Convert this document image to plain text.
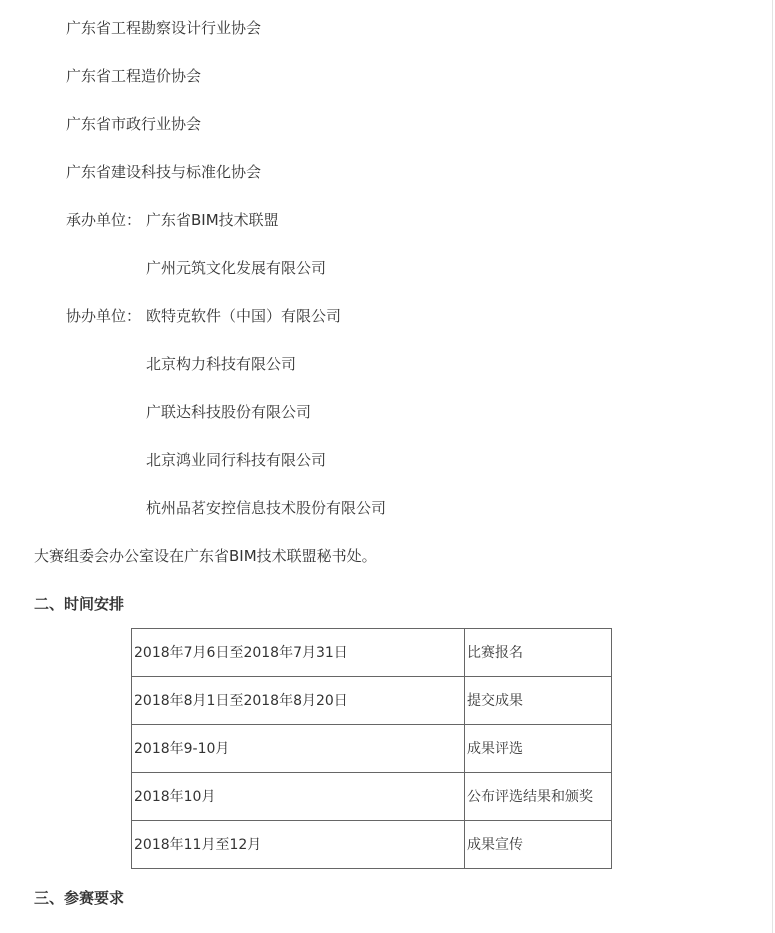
广东省工程勘察设计行业协会
广东省工程造价协会
广东省市政行业协会
广东省建设科技与标准化协会
承办单位： 广东省BIM技术联盟
广州元筑文化发展有限公司
协办单位： 欧特克软件（中国）有限公司
北京构力科技有限公司
广联达科技股份有限公司
北京鸿业同行科技有限公司
杭州品茗安控信息技术股份有限公司
大赛组委会办公室设在广东省BIM技术联盟秘书处。
二、时间安排
2018年7月6日至2018年7月31日	比赛报名
2018年8月1日至2018年8月20日	提交成果
2018年9-10月	成果评选
2018年10月	公布评选结果和颁奖
2018年11月至12月	成果宣传
三、参赛要求
